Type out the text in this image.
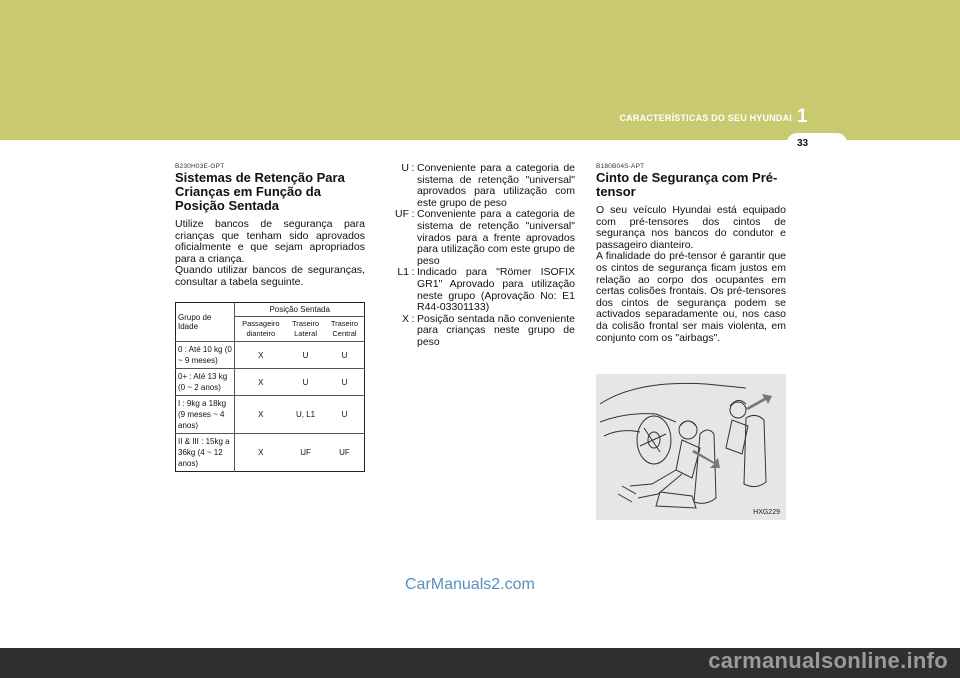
CARACTERÍSTICAS DO SEU HYUNDAI 1
33
B230H03E-GPT
Sistemas de Retenção Para Crianças em Função da Posição Sentada
Utilize bancos de segurança para crianças que tenham sido aprovados oficialmente e que sejam apropriados para a criança.
Quando utilizar bancos de seguranças, consultar a tabela seguinte.
Grupo de Idade	Posição Sentada		
	Passageiro dianteiro	Traseiro Lateral	Traseiro Central
0 : Até 10 kg (0 ~ 9 meses)	X	U	U
0+ : Até 13 kg (0 ~ 2 anos)	X	U	U
I : 9kg a 18kg (9 meses ~ 4 anos)	X	U, L1	U
II & III : 15kg a 36kg (4 ~ 12 anos)	X	UF	UF
U : Conveniente para a categoria de sistema de retenção "universal" aprovados para utilização com este grupo de peso
UF : Conveniente para a categoria de sistema de retenção "universal" virados para a frente aprovados para utilização com este grupo de peso
L1 : Indicado para "Römer ISOFIX GR1" Aprovado para utilização neste grupo (Aprovação No: E1 R44-03301133)
X : Posição sentada não conveniente para crianças neste grupo de peso
B180B04S-APT
Cinto de Segurança com Pré-tensor
O seu veículo Hyundai está equipado com pré-tensores dos cintos de segurança nos bancos do condutor e passageiro dianteiro.
A finalidade do pré-tensor é garantir que os cintos de segurança ficam justos em relação ao corpo dos ocupantes em certas colisões frontais. Os pré-tensores dos cintos de segurança podem se activados separadamente ou, nos caso da colisão frontal ser mais violenta, em conjunto com os "airbags".
HXG229
CarManuals2.com
carmanualsonline.info
